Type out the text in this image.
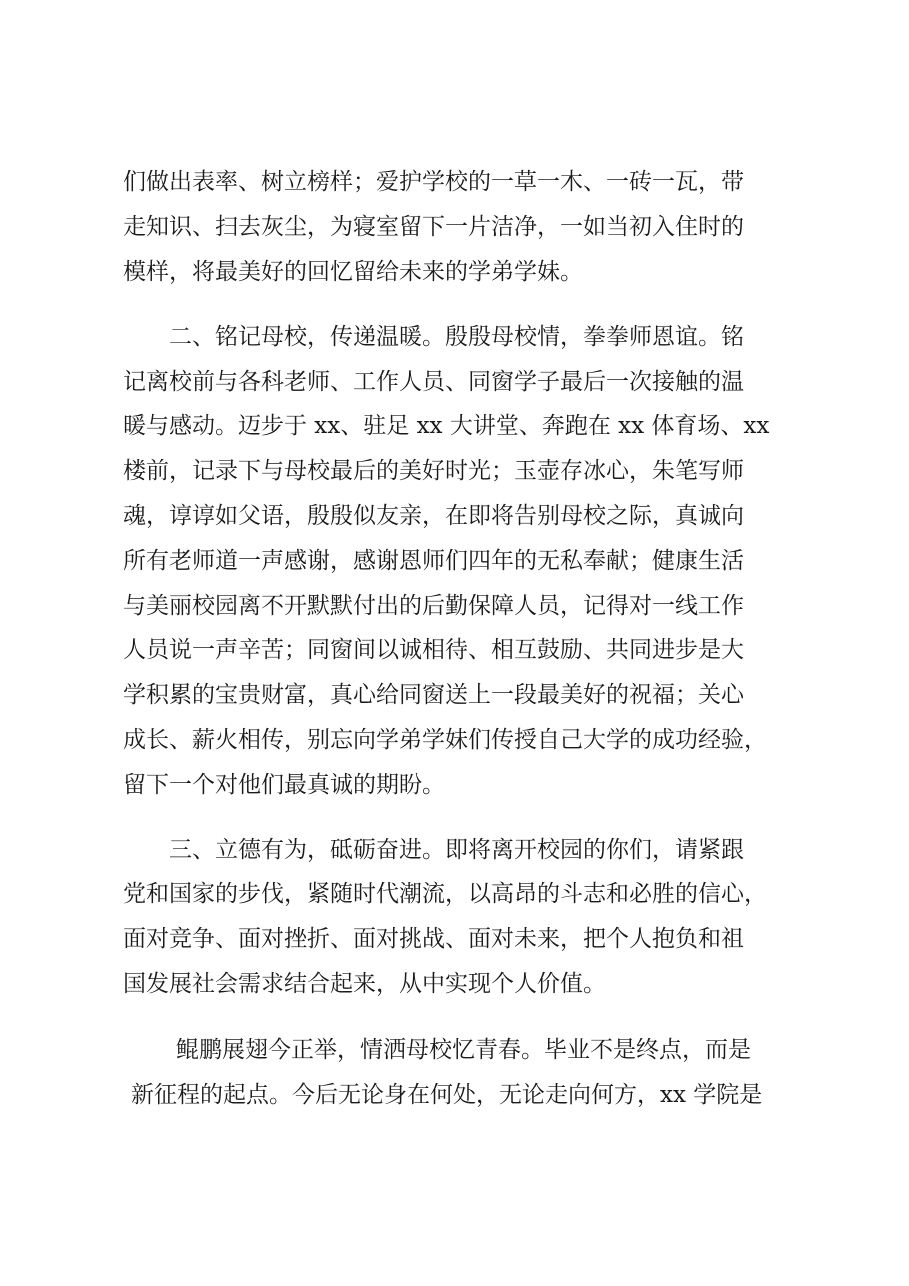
们做出表率、树立榜样；爱护学校的一草一木、一砖一瓦，带
走知识、扫去灰尘，为寝室留下一片洁净，一如当初入住时的
模样，将最美好的回忆留给未来的学弟学妹。
二、铭记母校，传递温暖。殷殷母校情，拳拳师恩谊。铭
记离校前与各科老师、工作人员、同窗学子最后一次接触的温
暖与感动。迈步于 xx、驻足 xx 大讲堂、奔跑在 xx 体育场、xx
楼前，记录下与母校最后的美好时光；玉壶存冰心，朱笔写师
魂，谆谆如父语，殷殷似友亲，在即将告别母校之际，真诚向
所有老师道一声感谢，感谢恩师们四年的无私奉献；健康生活
与美丽校园离不开默默付出的后勤保障人员，记得对一线工作
人员说一声辛苦；同窗间以诚相待、相互鼓励、共同进步是大
学积累的宝贵财富，真心给同窗送上一段最美好的祝福；关心
成长、薪火相传，别忘向学弟学妹们传授自己大学的成功经验，
留下一个对他们最真诚的期盼。
三、立德有为，砥砺奋进。即将离开校园的你们，请紧跟
党和国家的步伐，紧随时代潮流，以高昂的斗志和必胜的信心，
面对竞争、面对挫折、面对挑战、面对未来，把个人抱负和祖
国发展社会需求结合起来，从中实现个人价值。
鲲鹏展翅今正举，情洒母校忆青春。毕业不是终点，而是
新征程的起点。今后无论身在何处，无论走向何方，xx 学院是
